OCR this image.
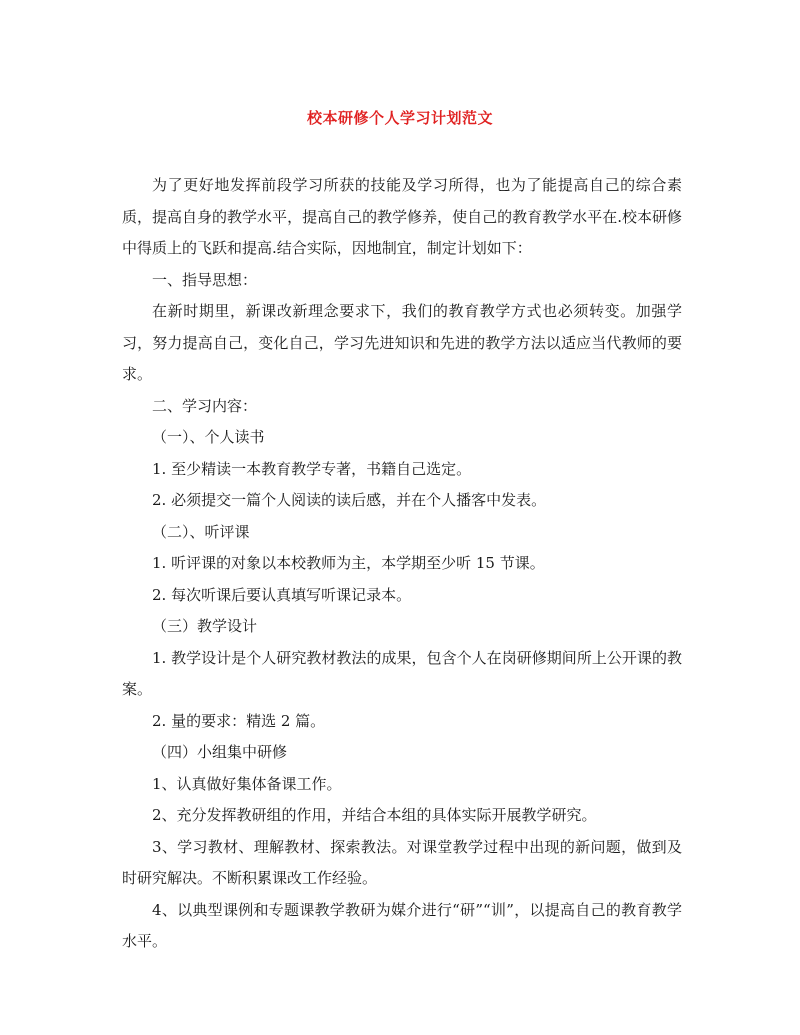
校本研修个人学习计划范文

为了更好地发挥前段学习所获的技能及学习所得，也为了能提高自己的综合素质，提高自身的教学水平，提高自己的教学修养，使自己的教育教学水平在.校本研修中得质上的飞跃和提高.结合实际，因地制宜，制定计划如下：

一、指导思想：

在新时期里，新课改新理念要求下，我们的教育教学方式也必须转变。加强学习，努力提高自己，变化自己，学习先进知识和先进的教学方法以适应当代教师的要求。

二、学习内容：

（一）、个人读书

1. 至少精读一本教育教学专著，书籍自己选定。

2. 必须提交一篇个人阅读的读后感，并在个人播客中发表。

（二）、听评课

1. 听评课的对象以本校教师为主，本学期至少听 15 节课。

2. 每次听课后要认真填写听课记录本。

（三）教学设计

1. 教学设计是个人研究教材教法的成果，包含个人在岗研修期间所上公开课的教案。

2. 量的要求：精选 2 篇。

（四）小组集中研修

1、认真做好集体备课工作。

2、充分发挥教研组的作用，并结合本组的具体实际开展教学研究。

3、学习教材、理解教材、探索教法。对课堂教学过程中出现的新问题，做到及时研究解决。不断积累课改工作经验。

4、以典型课例和专题课教学教研为媒介进行“研”“训”，以提高自己的教育教学水平。
